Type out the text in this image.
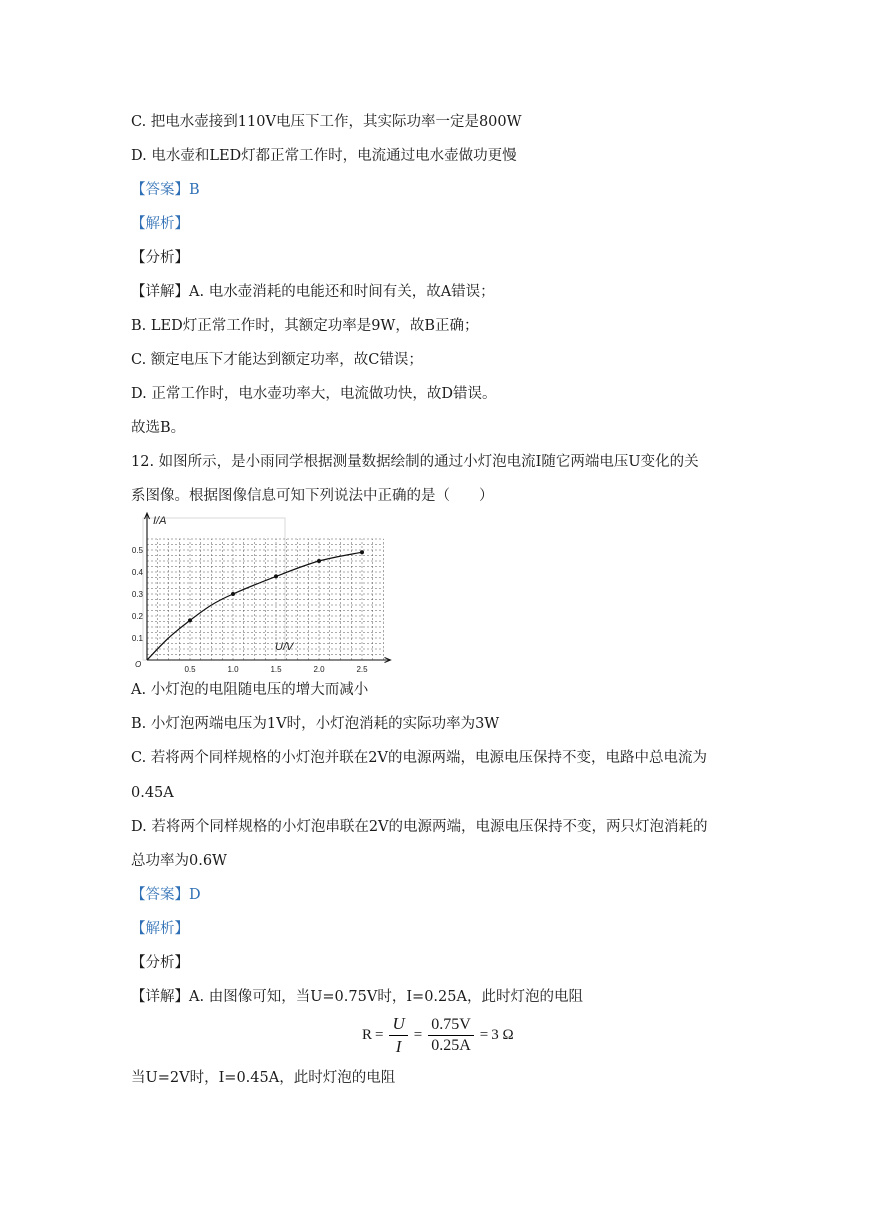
C. 把电水壶接到110V电压下工作，其实际功率一定是800W
D. 电水壶和LED灯都正常工作时，电流通过电水壶做功更慢
【答案】B
【解析】
【分析】
【详解】A. 电水壶消耗的电能还和时间有关，故A错误；
B. LED灯正常工作时，其额定功率是9W，故B正确；
C. 额定电压下才能达到额定功率，故C错误；
D. 正常工作时，电水壶功率大，电流做功快，故D错误。
故选B。
12. 如图所示，是小雨同学根据测量数据绘制的通过小灯泡电流I随它两端电压U变化的关
系图像。根据图像信息可知下列说法中正确的是（　　）
0.5	1.0	1.5	2.0	2.5
0.1
0.2
0.3
0.4
0.5
I/A
U/V
O
A. 小灯泡的电阻随电压的增大而减小
B. 小灯泡两端电压为1V时，小灯泡消耗的实际功率为3W
C. 若将两个同样规格的小灯泡并联在2V的电源两端，电源电压保持不变，电路中总电流为
0.45A
D. 若将两个同样规格的小灯泡串联在2V的电源两端，电源电压保持不变，两只灯泡消耗的
总功率为0.6W
【答案】D
【解析】
【分析】
【详解】A. 由图像可知，当U=0.75V时，I=0.25A，此时灯泡的电阻
$R = \frac{U}{I} = \frac{0.75V}{0.25A} = 3$ Ω
当U=2V时，I=0.45A，此时灯泡的电阻
